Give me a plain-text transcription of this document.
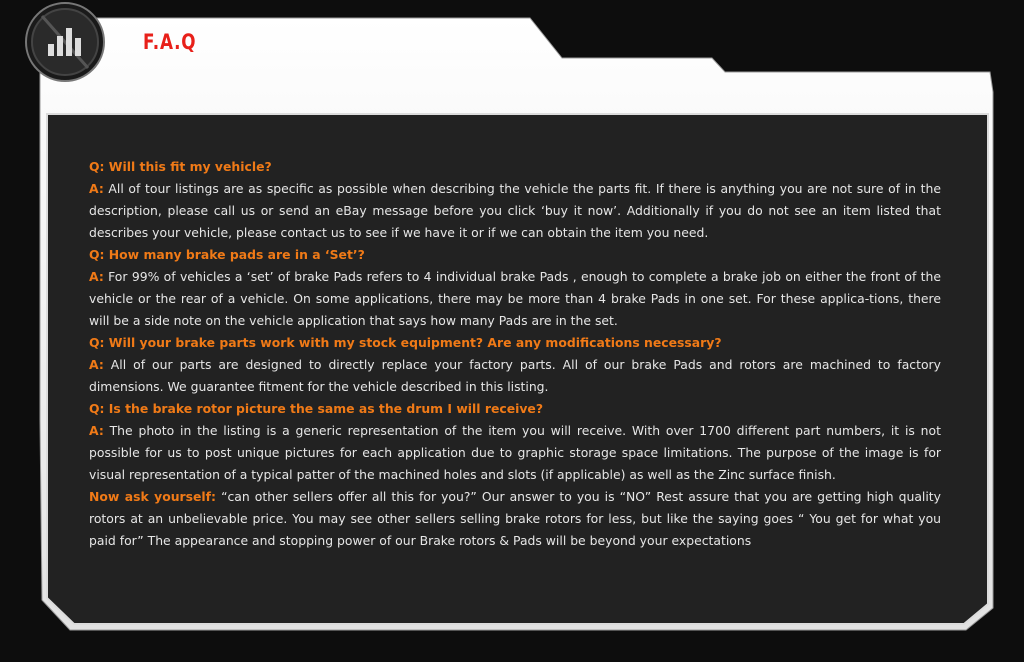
F.A.Q

Q: Will this fit my vehicle?

A: All of tour listings are as specific as possible when describing the vehicle the parts fit. If there is anything you are not sure of in the description, please call us or send an eBay message before you click ‘buy it now’. Additionally if you do not see an item listed that describes your vehicle, please contact us to see if we have it or if we can obtain the item you need.

Q: How many brake pads are in a ‘Set’?

A: For 99% of vehicles a ‘set’ of brake Pads refers to 4 individual brake Pads , enough to complete a brake job on either the front of the vehicle or the rear of a vehicle. On some applications, there may be more than 4 brake Pads in one set. For these applica-tions, there will be a side note on the vehicle application that says how many Pads are in the set.

Q: Will your brake parts work with my stock equipment? Are any modifications necessary?

A: All of our parts are designed to directly replace your factory parts. All of our brake Pads and rotors are machined to factory dimensions. We guarantee fitment for the vehicle described in this listing.

Q: Is the brake rotor picture the same as the drum I will receive?

A: The photo in the listing is a generic representation of the item you will receive. With over 1700 different part numbers, it is not possible for us to post unique pictures for each application due to graphic storage space limitations. The purpose of the image is for visual representation of a typical patter of the machined holes and slots (if applicable) as well as the Zinc surface finish.

Now ask yourself: “can other sellers offer all this for you?” Our answer to you is “NO” Rest assure that you are getting high quality rotors at an unbelievable price. You may see other sellers selling brake rotors for less, but like the saying goes “ You get for what you paid for” The appearance and stopping power of our Brake rotors & Pads will be beyond your expectations
